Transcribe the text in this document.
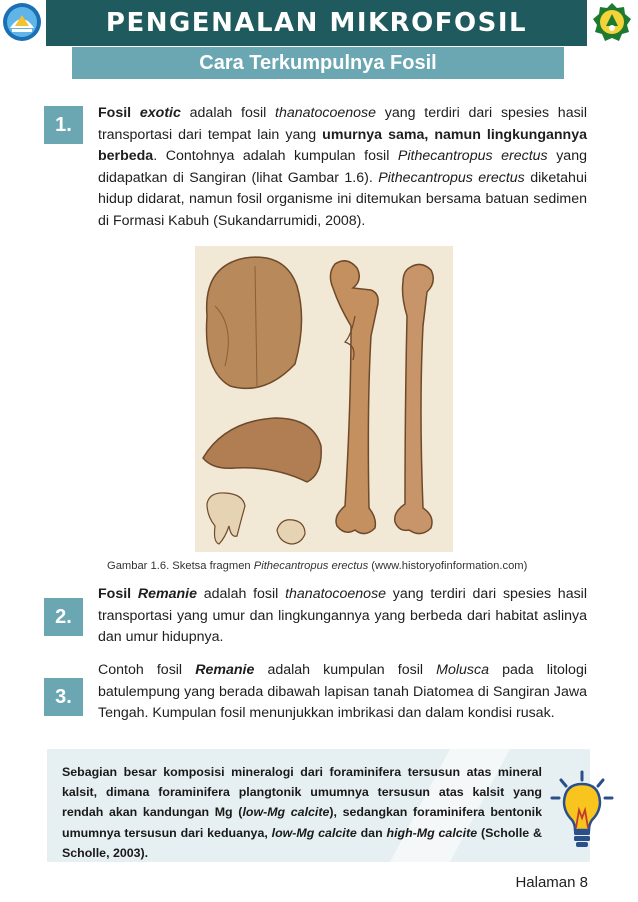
PENGENALAN MIKROFOSIL
Cara Terkumpulnya Fosil
1.
Fosil exotic adalah fosil thanatocoenose yang terdiri dari spesies hasil transportasi dari tempat lain yang umurnya sama, namun lingkungannya berbeda. Contohnya adalah kumpulan fosil Pithecantropus erectus yang didapatkan di Sangiran (lihat Gambar 1.6). Pithecantropus erectus diketahui hidup didarat, namun fosil organisme ini ditemukan bersama batuan sedimen di Formasi Kabuh (Sukandarrumidi, 2008).
Gambar 1.6. Sketsa fragmen Pithecantropus erectus (www.historyofinformation.com)
2.
Fosil Remanie adalah fosil thanatocoenose yang terdiri dari spesies hasil transportasi yang umur dan lingkungannya yang berbeda dari habitat aslinya dan umur hidupnya.
3.
Contoh fosil Remanie adalah kumpulan fosil Molusca pada litologi batulempung yang berada dibawah lapisan tanah Diatomea di Sangiran Jawa Tengah. Kumpulan fosil menunjukkan imbrikasi dan dalam kondisi rusak.
Sebagian besar komposisi mineralogi dari foraminifera tersusun atas mineral kalsit, dimana foraminifera plangtonik umumnya tersusun atas kalsit yang rendah akan kandungan Mg (low-Mg calcite), sedangkan foraminifera bentonik umumnya tersusun dari keduanya, low-Mg calcite dan high-Mg calcite (Scholle & Scholle, 2003).
Halaman 8
